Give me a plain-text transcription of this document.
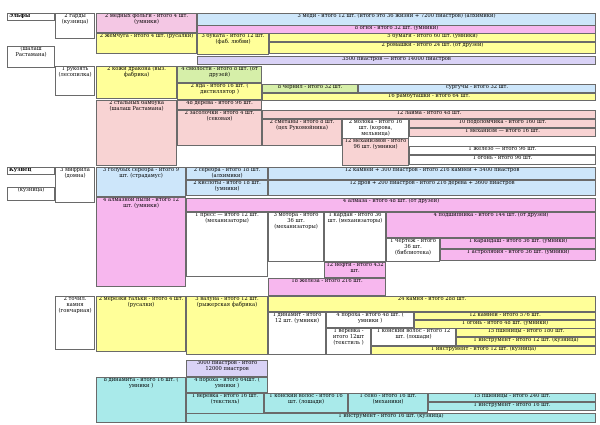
Эльфы
(шалаш Растамана)
2 гарды (кузница)
2 медных фольги - итого 4 шт. (умники)
3 меди - итого 12 шт. (итого это 36 жизни + 7200 пиастров) (алхимики)
8 огня - итого 32 шт. (умники)
2 жемчуга - итого 4 шт. (русалки)	3 буката - итого 12 шт. (фаб. любви)
5 бумаги - итого 60 шт. (умники)
2 ромашки - итого 24 шт. (от друзей)
3500 пиастров — итого 14000 пиастров
1 рукоять (лесопилка)
2 кожи дракона (выз. фабрика)
4 смолости - итого 8 шт. (от друзей)
2 яда - итого 16 шт. ( дистиллятор )
8 чернил - итого 32 шт.	сургучы - итого 32 шт.
16 рамбуташки - итого 64 шт.
2 стальных бамбука (шалаш Растамана)
48 дерева - итого 96 шт.
2 засолочки - итого 4 шт. (сековая)
12 лайма - итого 48 шт.
2 сметаны - итого 8 шт. (цех Рукомойника)
2 молока - итого 16 шт. (корова, мельница)
10 подоломчика - итого 160 шт.
1 механизм — итого 16 шт.
12 механизмов - итого 96 шт. (умники)	1 железо — итого 96 шт.
1 огонь - итого 96 шт.
Кузнец
(кузница)
3 мифрила (домна)
3 голубых серебра - итого 9 шт. (страдамус)
2 серебра - итого 18 шт. (алхимики)
12 камней + 300 пиастров - итого 216 камней + 5400 пиастров
2 кислоты - итого 18 шт. (умники)
12 дров + 200 пиастров - итого 216 дерева + 3600 пиастров
4 алмазной пыли - итого 12 шт. (умники)
4 алмаза - итого 48 шт. (от друзей)
1 пресс — итого 12 шт. (механизаторы)
3 мотора - итого 36 шт. (механизаторы)
1 кардан - итого 36 шт. (механизаторы)
4 подшипника - итого 144 шт. (от друзей)
1 чертеж - итого 36 шт. (библиотека)
1 карандаш - итого 36 шт. (умники)
1 астролябия - итого 36 шт. (умники)
12 нефти - итого 432 шт.
18 железа - итого 216 шт.
2 точил. камня (гончарная)
2 мерезки гальки - итого 4 шт. (русалки)
3 валуна - итого 12 шт. (рыжерская фабрика)
24 камня - итого 288 шт.
1 динамит - итого 12 шт. (умники)
4 пороха - итого 48 шт. ( умники )
12 камней - итого 576 шт.
1 огонь - итого 48 шт. (умники)
1 веревка - итого 12шт (текстиль )
1 конский волос - итого 12 шт. (лошади)
15 пшеницы - итого 180 шт.
1 инструмент - итого 12 шт. (кузница)
1 инструмент - итого 12 шт. (кузница)
3000 пиастров - итого 12000 пиастров
8 динамита - итого 16 шт. ( умники )
4 пороха - итого 64шт. ( умники )
1 веревка - итого 16 шт. (текстиль)
1 конский волос - итого 16 шт. (лошади)
1 сено - итого 16 шт. (механики)
15 пшеницы - итого 240 шт.
1 инструмент - итого 16 шт.
1 инструмент - итого 16 шт. (кузница)
